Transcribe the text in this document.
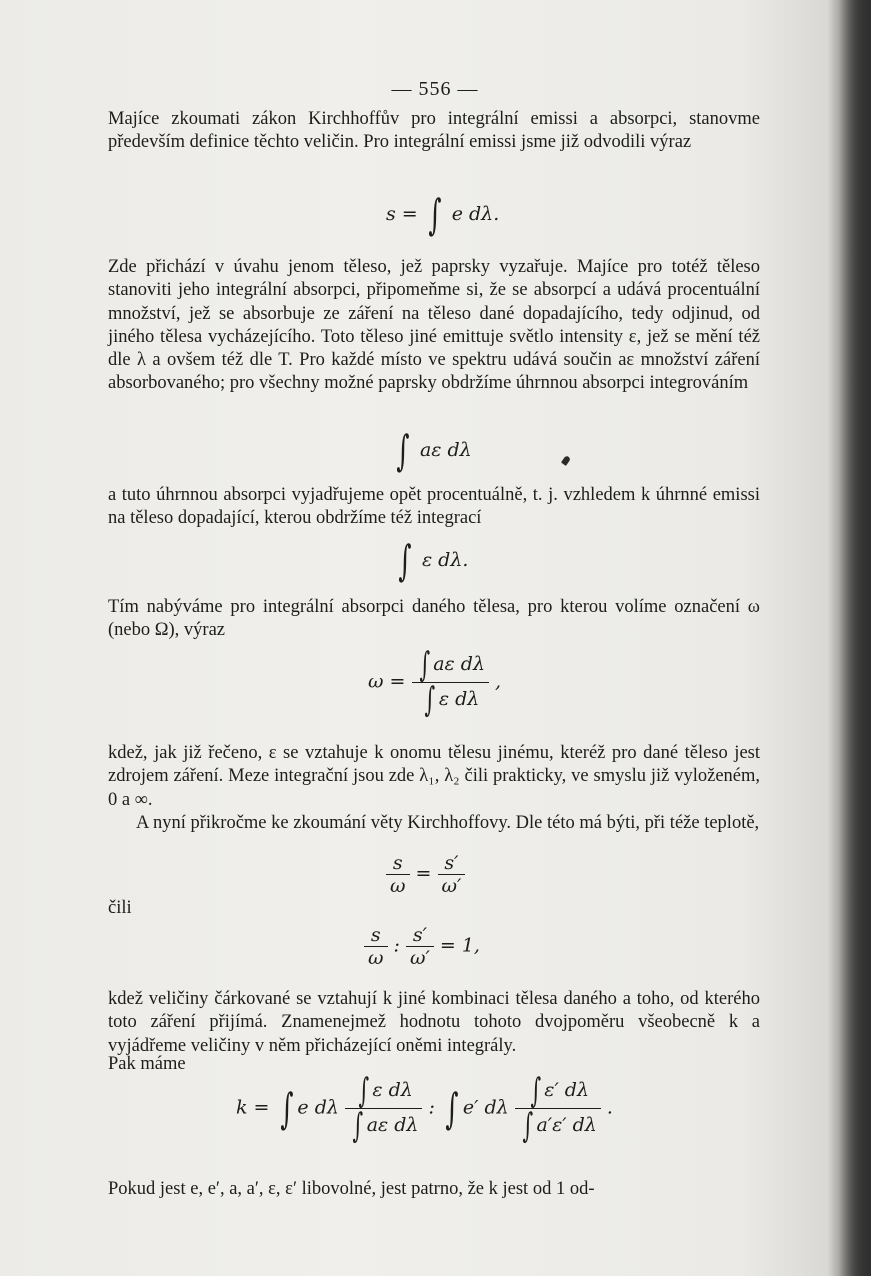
— 556 —

Majíce zkoumati zákon Kirchhoffův pro integrální emissi a absorpci, stanovme především definice těchto veličin. Pro integrální emissi jsme již odvodili výraz

s = ∫ e dλ.

Zde přichází v úvahu jenom těleso, jež paprsky vyzařuje. Majíce pro totéž těleso stanoviti jeho integrální absorpci, připomeňme si, že se absorpcí a udává procentuální množství, jež se absorbuje ze záření na těleso dané dopadajícího, tedy odjinud, od jiného tělesa vycházejícího. Toto těleso jiné emittuje světlo intensity ε, jež se mění též dle λ a ovšem též dle T. Pro každé místo ve spektru udává součin aε množství záření absorbovaného; pro všechny možné paprsky obdržíme úhrnnou absorpci integrováním

∫ aε dλ

a tuto úhrnnou absorpci vyjadřujeme opět procentuálně, t. j. vzhledem k úhrnné emissi na těleso dopadající, kterou obdržíme též integrací

∫ ε dλ.

Tím nabýváme pro integrální absorpci daného tělesa, pro kterou volíme označení ω (nebo Ω), výraz

$\omega = \frac{\text{∫ aε dλ}}{\text{∫ ε dλ}}$ ,

kdež, jak již řečeno, ε se vztahuje k onomu tělesu jinému, kteréž pro dané těleso jest zdrojem záření. Meze integrační jsou zde λ₁, λ₂ čili prakticky, ve smyslu již vyloženém, 0 a ∞.

A nyní přikročme ke zkoumání věty Kirchhoffovy. Dle této má býti, při téže teplotě,

$\frac{s}{\omega} = \frac{s'}{\omega'}$
čili
$\frac{s}{\omega}$ : $\frac{s'}{\omega'} = 1$,

kdež veličiny čárkované se vztahují k jiné kombinaci tělesa daného a toho, od kterého toto záření přijímá. Znamenejmež hodnotu tohoto dvojpoměru všeobecně k a vyjádřeme veličiny v něm přicházející oněmi integrály.

Pak máme
k = ∫ e dλ $\frac{\text{∫ ε dλ}}{\text{∫ aε dλ}}$ : ∫ e′ dλ $\frac{\int \varepsilon' d\lambda}{\int a'\varepsilon' d\lambda}$ .

Pokud jest e, e′, a, a′, ε, ε′ libovolné, jest patrno, že k jest od 1 od-
